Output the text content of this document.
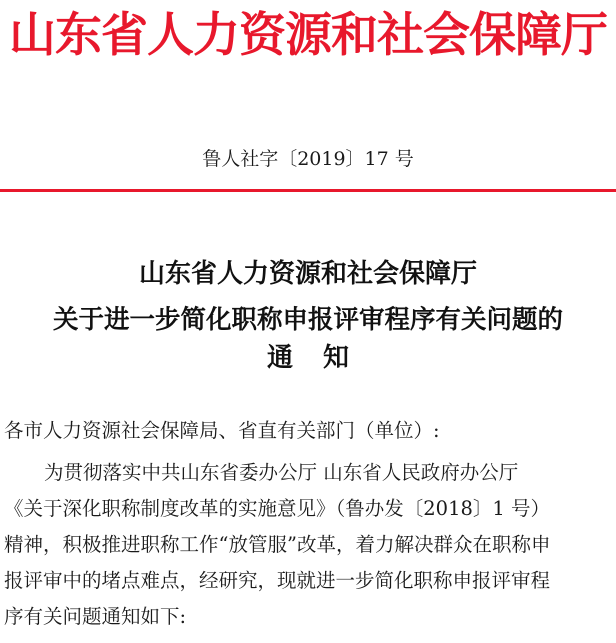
山东省人力资源和社会保障厅
鲁人社字〔2019〕17 号
山东省人力资源和社会保障厅
关于进一步简化职称申报评审程序有关问题的
通知
各市人力资源社会保障局、省直有关部门（单位）:
为贯彻落实中共山东省委办公厅 山东省人民政府办公厅
《关于深化职称制度改革的实施意见》（鲁办发〔2018〕1 号）
精神，积极推进职称工作“放管服”改革，着力解决群众在职称申
报评审中的堵点难点，经研究，现就进一步简化职称申报评审程
序有关问题通知如下:
